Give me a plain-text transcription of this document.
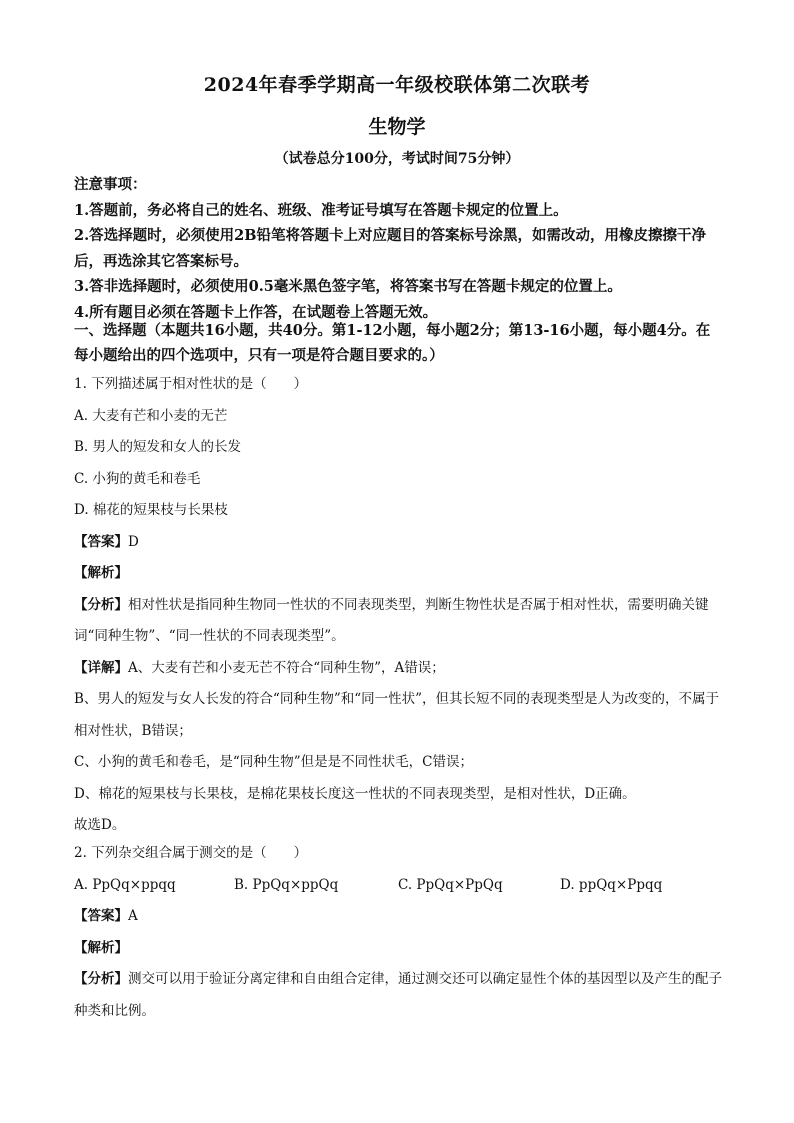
2024年春季学期高一年级校联体第二次联考
生物学
（试卷总分100分，考试时间75分钟）

注意事项：

1.答题前，务必将自己的姓名、班级、准考证号填写在答题卡规定的位置上。

2.答选择题时，必须使用2B铅笔将答题卡上对应题目的答案标号涂黑，如需改动，用橡皮擦擦干净后，再选涂其它答案标号。

3.答非选择题时，必须使用0.5毫米黑色签字笔，将答案书写在答题卡规定的位置上。

4.所有题目必须在答题卡上作答，在试题卷上答题无效。

一、选择题（本题共16小题，共40分。第1-12小题，每小题2分；第13-16小题，每小题4分。在每小题给出的四个选项中，只有一项是符合题目要求的。）

1. 下列描述属于相对性状的是（　　）

A. 大麦有芒和小麦的无芒

B. 男人的短发和女人的长发

C. 小狗的黄毛和卷毛

D. 棉花的短果枝与长果枝

【答案】D

【解析】

【分析】相对性状是指同种生物同一性状的不同表现类型，判断生物性状是否属于相对性状，需要明确关键词“同种生物”、“同一性状的不同表现类型”。

【详解】A、大麦有芒和小麦无芒不符合“同种生物”，A错误；

B、男人的短发与女人长发的符合“同种生物”和“同一性状”，但其长短不同的表现类型是人为改变的，不属于相对性状，B错误；

C、小狗的黄毛和卷毛，是“同种生物”但是是不同性状毛，C错误；

D、棉花的短果枝与长果枝，是棉花果枝长度这一性状的不同表现类型，是相对性状，D正确。

故选D。

2. 下列杂交组合属于测交的是（　　）

A. PpQq×ppqq	B. PpQq×ppQq	C. PpQq×PpQq	D. ppQq×Ppqq

【答案】A

【解析】

【分析】测交可以用于验证分离定律和自由组合定律，通过测交还可以确定显性个体的基因型以及产生的配子种类和比例。
